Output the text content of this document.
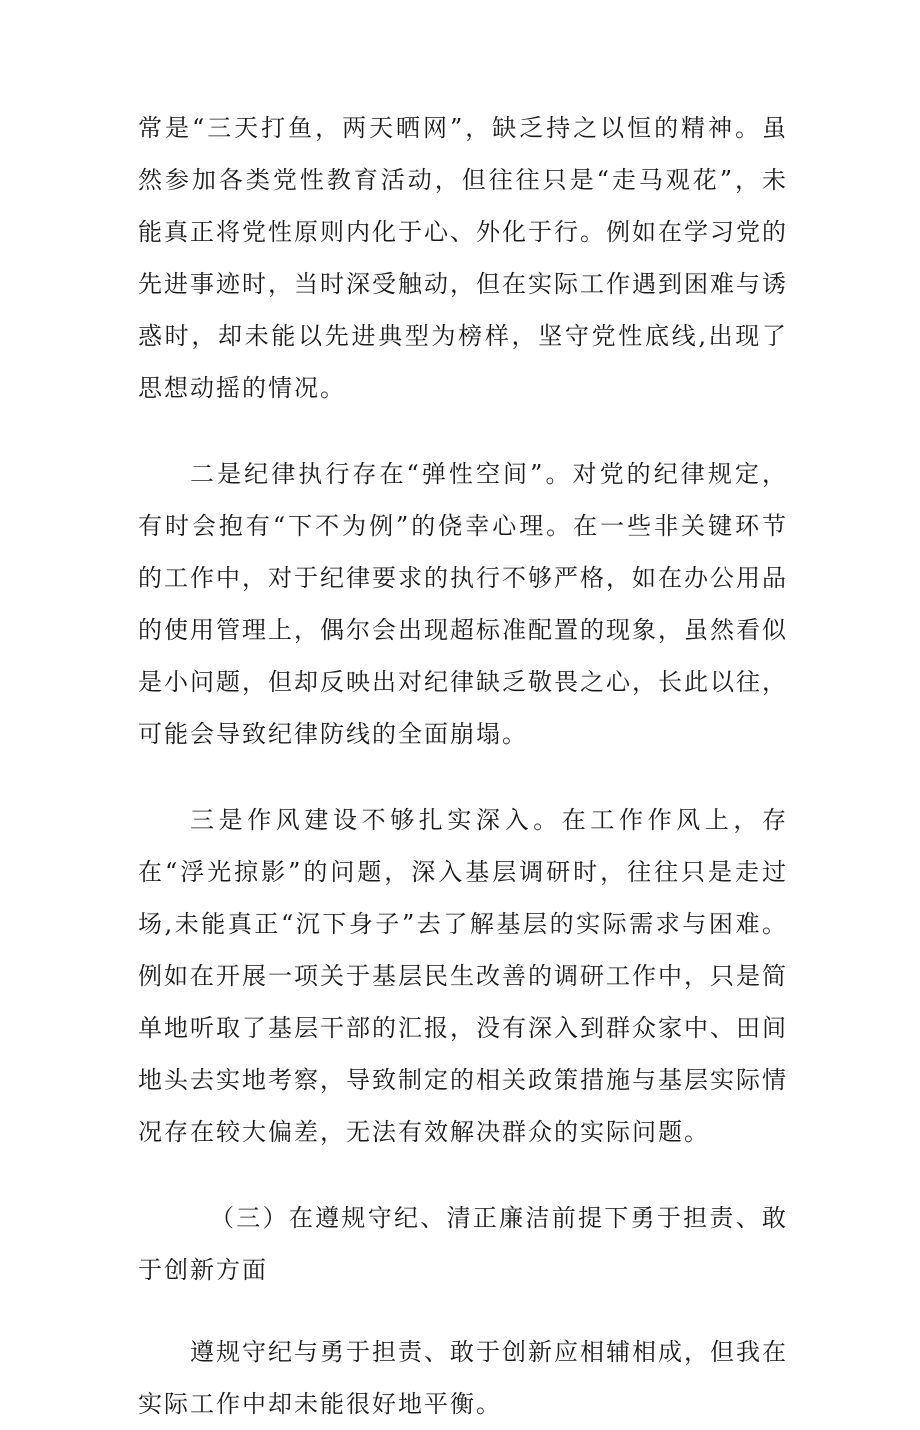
常是“三天打鱼，两天晒网”，缺乏持之以恒的精神。虽然参加各类党性教育活动，但往往只是“走马观花”，未能真正将党性原则内化于心、外化于行。例如在学习党的先进事迹时，当时深受触动，但在实际工作遇到困难与诱惑时，却未能以先进典型为榜样，坚守党性底线,出现了思想动摇的情况。

二是纪律执行存在“弹性空间”。对党的纪律规定，有时会抱有“下不为例”的侥幸心理。在一些非关键环节的工作中，对于纪律要求的执行不够严格，如在办公用品的使用管理上，偶尔会出现超标准配置的现象，虽然看似是小问题，但却反映出对纪律缺乏敬畏之心，长此以往，可能会导致纪律防线的全面崩塌。

三是作风建设不够扎实深入。在工作作风上，存在“浮光掠影”的问题，深入基层调研时，往往只是走过场,未能真正“沉下身子”去了解基层的实际需求与困难。例如在开展一项关于基层民生改善的调研工作中，只是简单地听取了基层干部的汇报，没有深入到群众家中、田间地头去实地考察，导致制定的相关政策措施与基层实际情况存在较大偏差，无法有效解决群众的实际问题。

（三）在遵规守纪、清正廉洁前提下勇于担责、敢于创新方面

遵规守纪与勇于担责、敢于创新应相辅相成，但我在实际工作中却未能很好地平衡。
